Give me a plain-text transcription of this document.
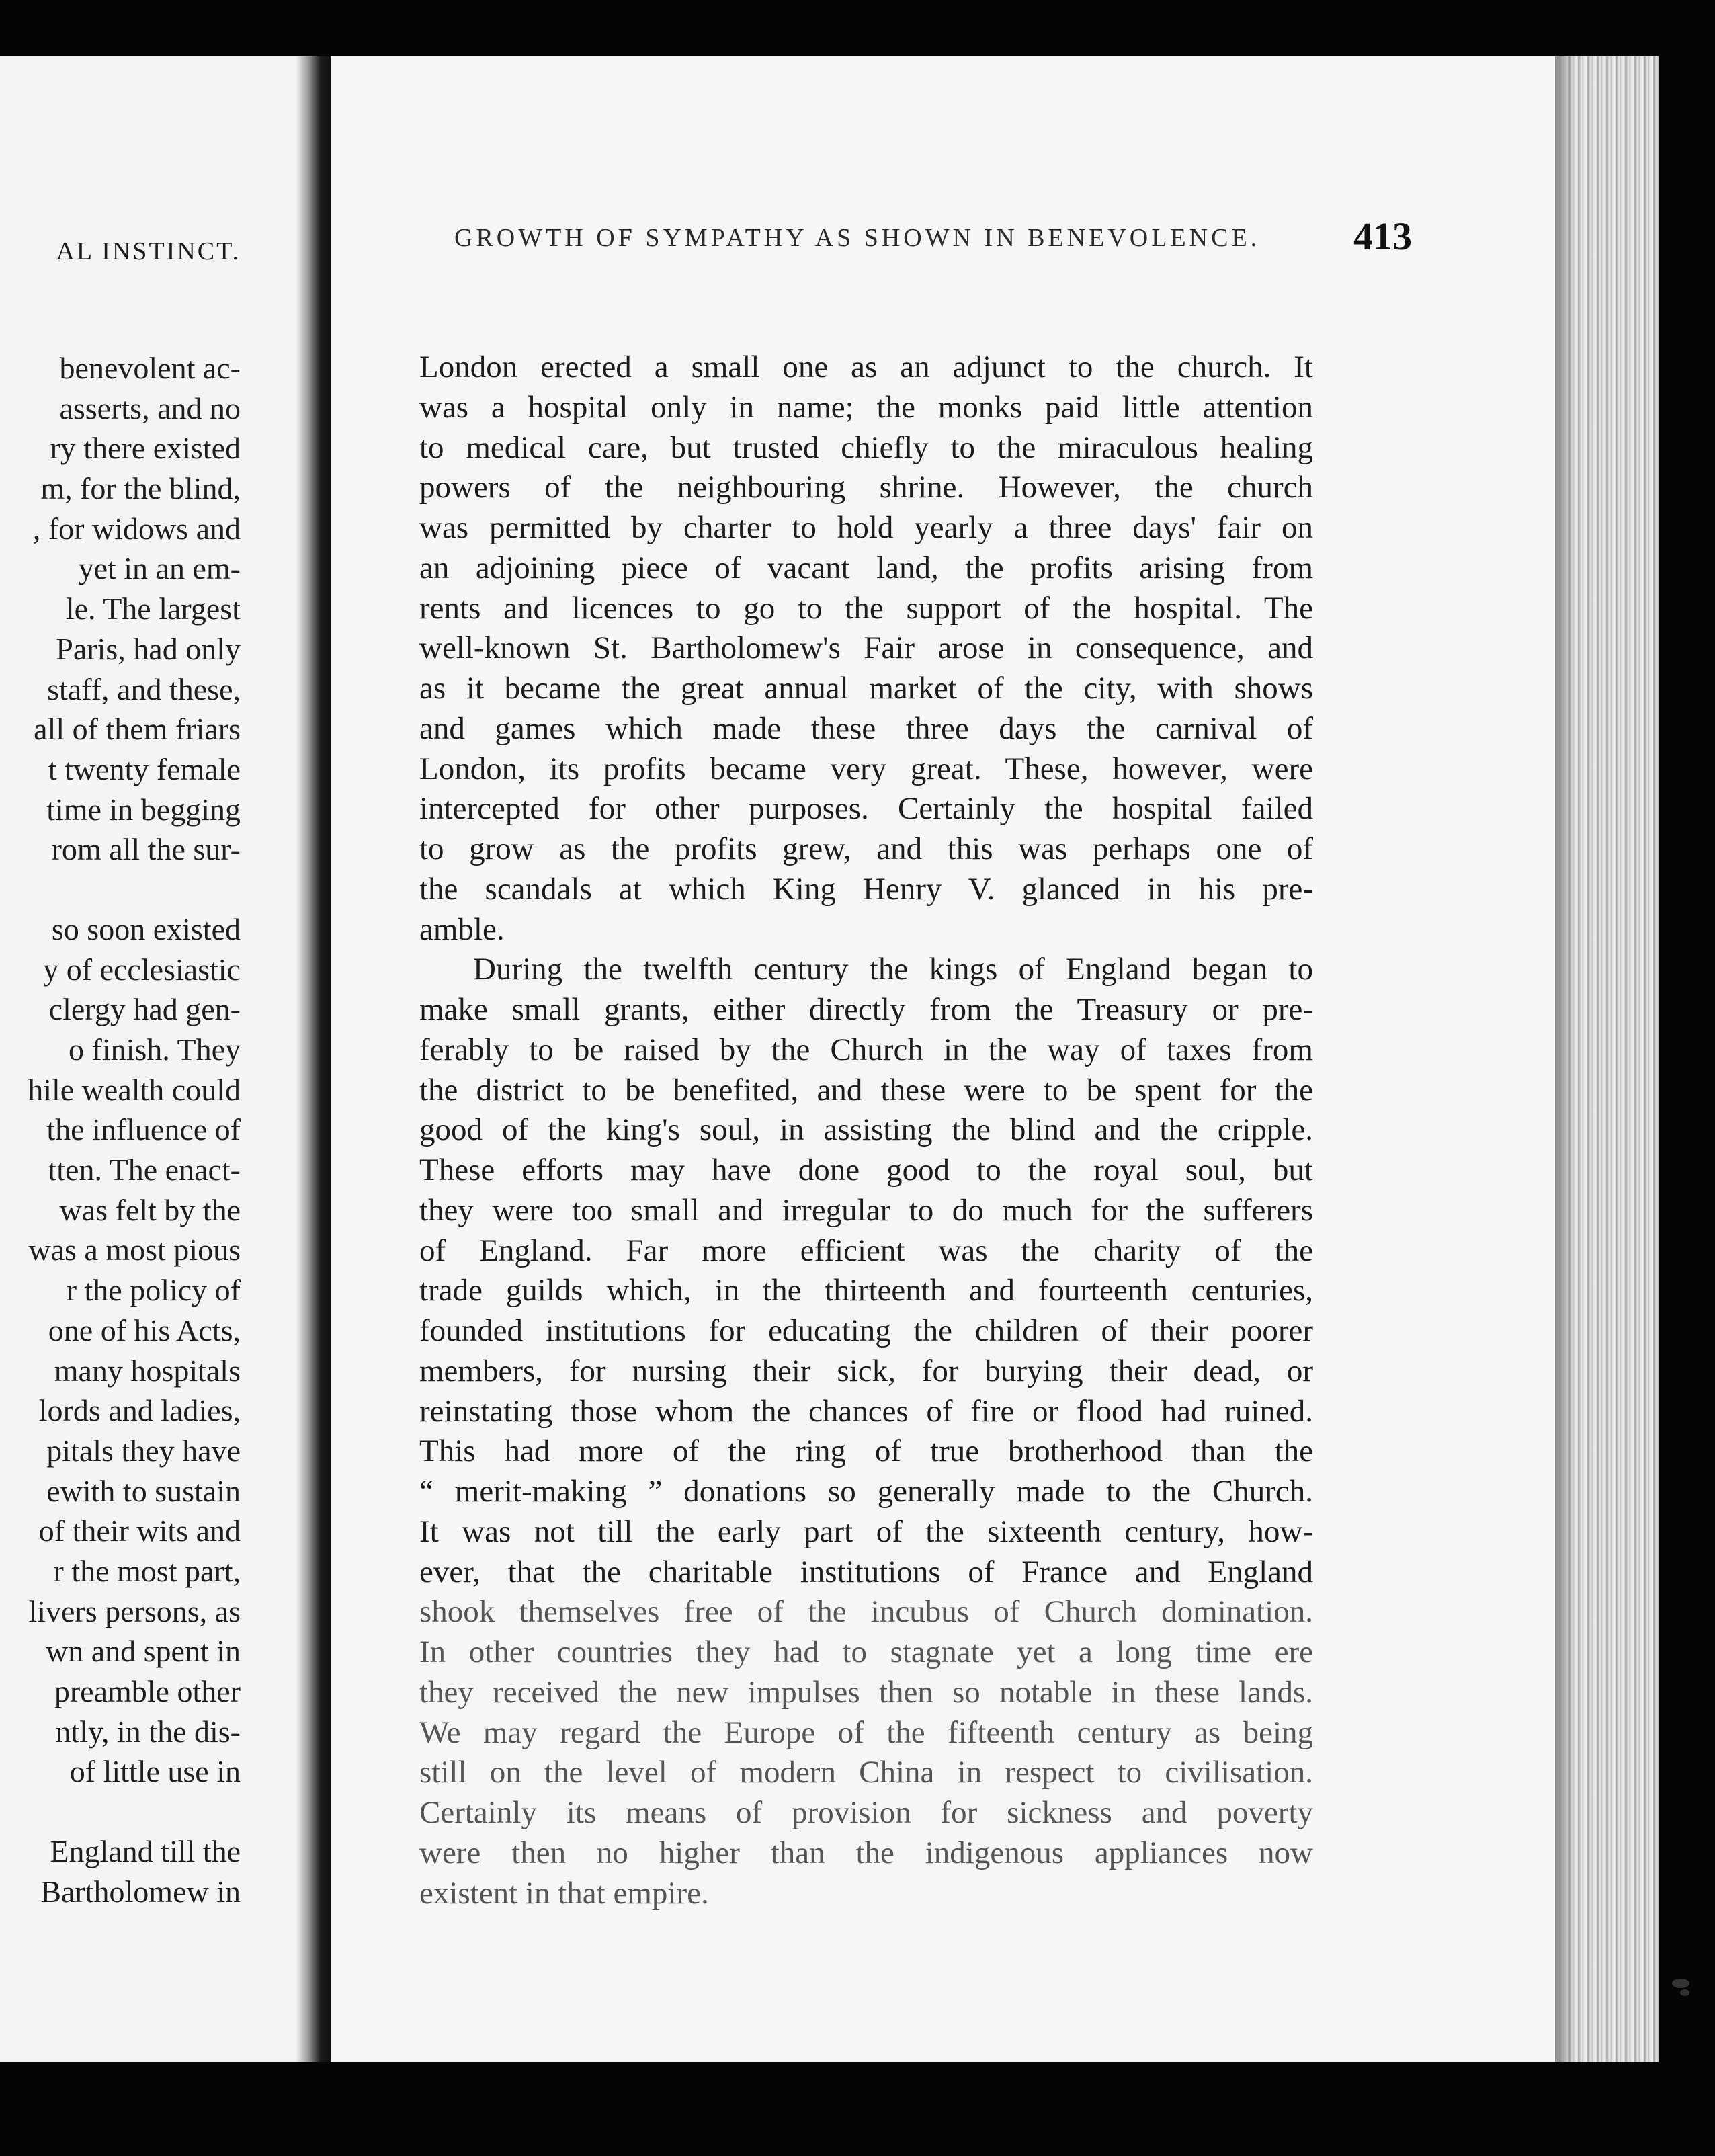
AL INSTINCT.
benevolent ac-
asserts, and no
ry there existed
m, for the blind,
, for widows and
yet in an em-
le. The largest
Paris, had only
staff, and these,
all of them friars
t twenty female
time in begging
rom all the sur-
so soon existed
y of ecclesiastic
clergy had gen-
o finish. They
hile wealth could
the influence of
tten. The enact-
was felt by the
was a most pious
r the policy of
one of his Acts,
many hospitals
lords and ladies,
pitals they have
ewith to sustain
of their wits and
r the most part,
livers persons, as
wn and spent in
preamble other
ntly, in the dis-
of little use in
England till the
Bartholomew in
GROWTH OF SYMPATHY AS SHOWN IN BENEVOLENCE. 413
London erected a small one as an adjunct to the church. It
was a hospital only in name; the monks paid little attention
to medical care, but trusted chiefly to the miraculous healing
powers of the neighbouring shrine. However, the church
was permitted by charter to hold yearly a three days' fair on
an adjoining piece of vacant land, the profits arising from
rents and licences to go to the support of the hospital. The
well-known St. Bartholomew's Fair arose in consequence, and
as it became the great annual market of the city, with shows
and games which made these three days the carnival of
London, its profits became very great. These, however, were
intercepted for other purposes. Certainly the hospital failed
to grow as the profits grew, and this was perhaps one of
the scandals at which King Henry V. glanced in his pre-
amble.
During the twelfth century the kings of England began to
make small grants, either directly from the Treasury or pre-
ferably to be raised by the Church in the way of taxes from
the district to be benefited, and these were to be spent for the
good of the king's soul, in assisting the blind and the cripple.
These efforts may have done good to the royal soul, but
they were too small and irregular to do much for the sufferers
of England. Far more efficient was the charity of the
trade guilds which, in the thirteenth and fourteenth centuries,
founded institutions for educating the children of their poorer
members, for nursing their sick, for burying their dead, or
reinstating those whom the chances of fire or flood had ruined.
This had more of the ring of true brotherhood than the
“ merit-making ” donations so generally made to the Church.
It was not till the early part of the sixteenth century, how-
ever, that the charitable institutions of France and England
shook themselves free of the incubus of Church domination.
In other countries they had to stagnate yet a long time ere
they received the new impulses then so notable in these lands.
We may regard the Europe of the fifteenth century as being
still on the level of modern China in respect to civilisation.
Certainly its means of provision for sickness and poverty
were then no higher than the indigenous appliances now
existent in that empire.
